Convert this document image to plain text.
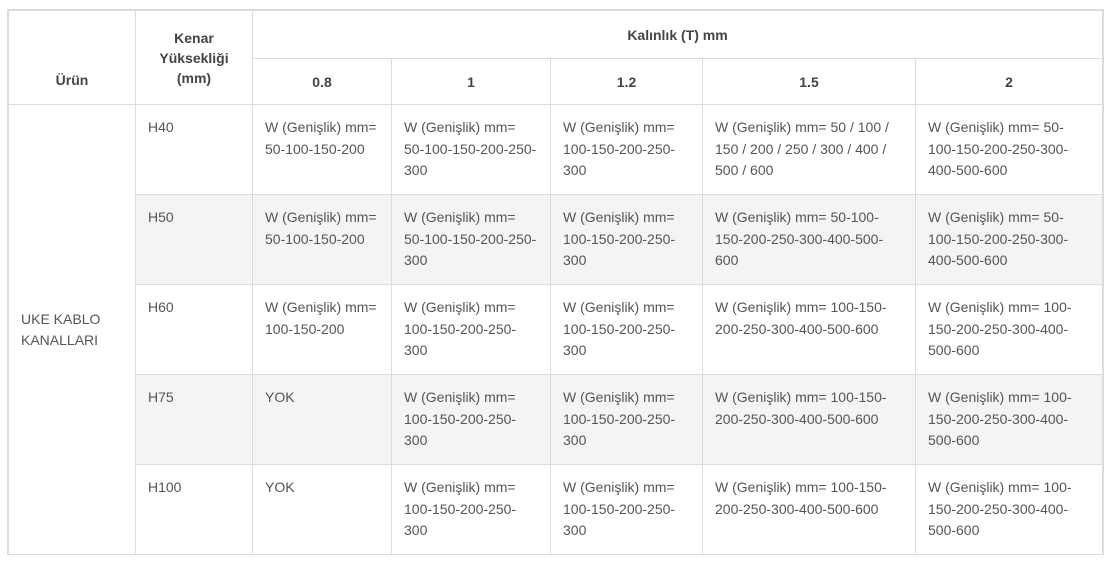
Ürün	Kenar Yüksekliği (mm)	Kalınlık (T) mm				
		0.8	1	1.2	1.5	2
UKE KABLO KANALLARI	H40	W (Genişlik) mm= 50-100-150-200	W (Genişlik) mm= 50-100-150-200-250-300	W (Genişlik) mm= 100-150-200-250-300	W (Genişlik) mm= 50 / 100 / 150 / 200 / 250 / 300 / 400 / 500 / 600	W (Genişlik) mm= 50-100-150-200-250-300-400-500-600
	H50	W (Genişlik) mm= 50-100-150-200	W (Genişlik) mm= 50-100-150-200-250-300	W (Genişlik) mm= 100-150-200-250-300	W (Genişlik) mm= 50-100-150-200-250-300-400-500-600	W (Genişlik) mm= 50-100-150-200-250-300-400-500-600
	H60	W (Genişlik) mm= 100-150-200	W (Genişlik) mm= 100-150-200-250-300	W (Genişlik) mm= 100-150-200-250-300	W (Genişlik) mm= 100-150-200-250-300-400-500-600	W (Genişlik) mm= 100-150-200-250-300-400-500-600
	H75	YOK	W (Genişlik) mm= 100-150-200-250-300	W (Genişlik) mm= 100-150-200-250-300	W (Genişlik) mm= 100-150-200-250-300-400-500-600	W (Genişlik) mm= 100-150-200-250-300-400-500-600
	H100	YOK	W (Genişlik) mm= 100-150-200-250-300	W (Genişlik) mm= 100-150-200-250-300	W (Genişlik) mm= 100-150-200-250-300-400-500-600	W (Genişlik) mm= 100-150-200-250-300-400-500-600
